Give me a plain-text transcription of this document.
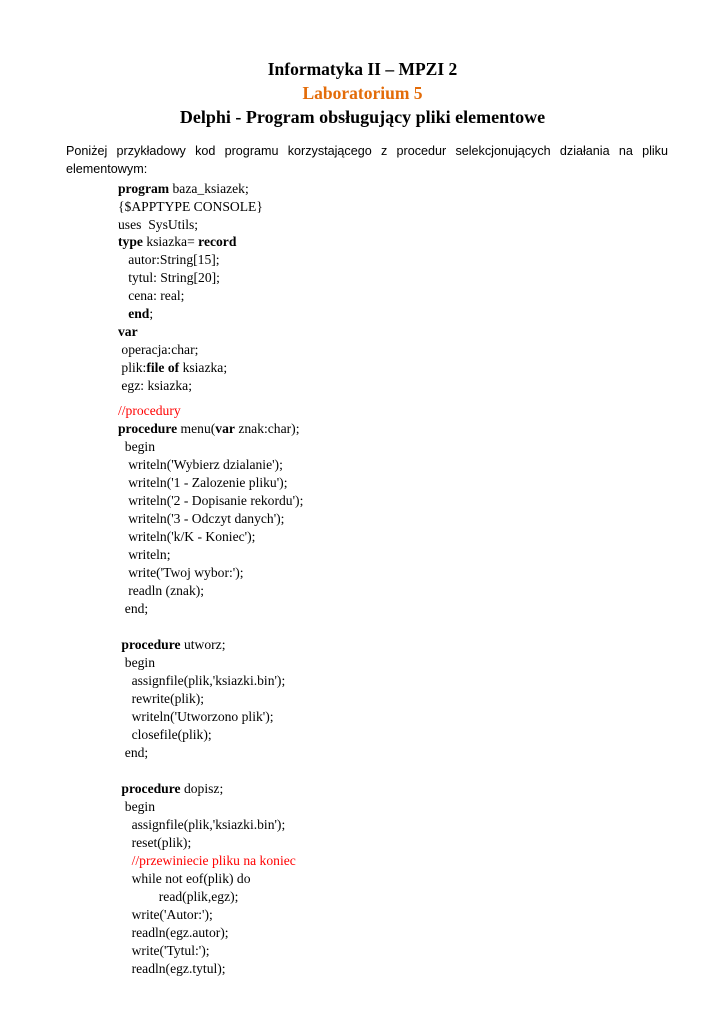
Informatyka II – MPZI 2
Laboratorium 5
Delphi - Program obsługujący pliki elementowe
Poniżej przykładowy kod programu korzystającego z procedur selekcjonujących działania na pliku elementowym:
program baza_ksiazek;
{$APPTYPE CONSOLE}
uses  SysUtils;
type ksiazka= record
autor:String[15];
tytul: String[20];
cena: real;
end;
var
operacja:char;
plik:file of ksiazka;
egz: ksiazka;
//procedury
procedure menu(var znak:char);
begin
writeln('Wybierz dzialanie');
writeln('1 - Zalozenie pliku');
writeln('2 - Dopisanie rekordu');
writeln('3 - Odczyt danych');
writeln('k/K - Koniec');
writeln;
write('Twoj wybor:');
readln (znak);
end;
procedure utworz;
begin
assignfile(plik,'ksiazki.bin');
rewrite(plik);
writeln('Utworzono plik');
closefile(plik);
end;
procedure dopisz;
begin
assignfile(plik,'ksiazki.bin');
reset(plik);
//przewiniecie pliku na koniec
while not eof(plik) do
read(plik,egz);
write('Autor:');
readln(egz.autor);
write('Tytul:');
readln(egz.tytul);
